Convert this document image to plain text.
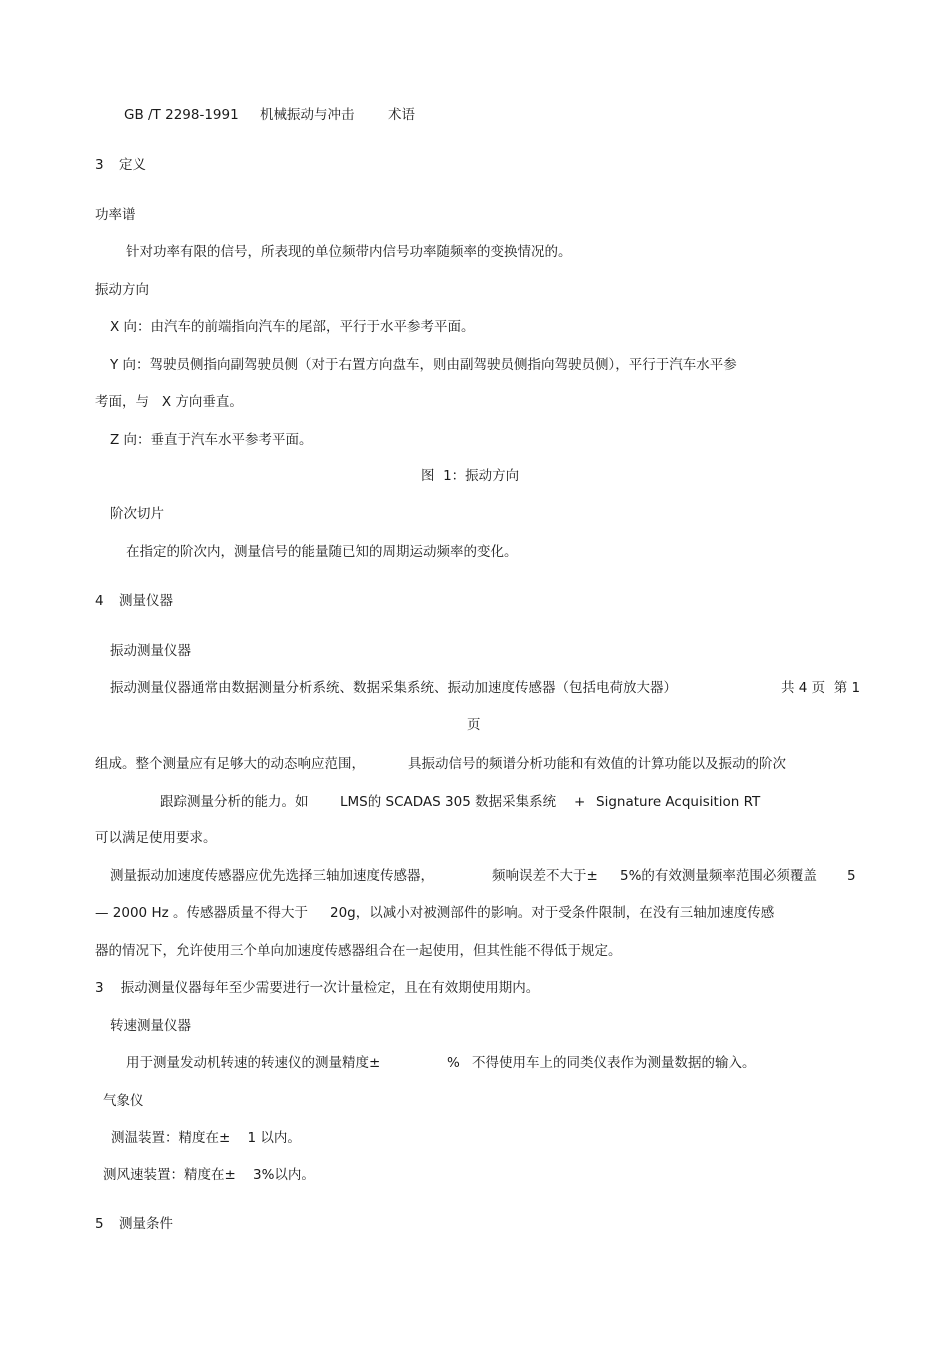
GB /T 2298-1991 机械振动与冲击 术语
3 定义
功率谱
针对功率有限的信号，所表现的单位频带内信号功率随频率的变换情况的。
振动方向
X 向：由汽车的前端指向汽车的尾部，平行于水平参考平面。
Y 向：驾驶员侧指向副驾驶员侧（对于右置方向盘车，则由副驾驶员侧指向驾驶员侧），平行于汽车水平参
考面，与   X 方向垂直。
Z 向：垂直于汽车水平参考平面。
图  1：振动方向
阶次切片
在指定的阶次内，测量信号的能量随已知的周期运动频率的变化。
4 测量仪器
振动测量仪器
振动测量仪器通常由数据测量分析系统、数据采集系统、振动加速度传感器（包括电荷放大器）	共 4 页  第 1
页
组成。整个测量应有足够大的动态响应范围，	具振动信号的频谱分析功能和有效值的计算功能以及振动的阶次
跟踪测量分析的能力。如 LMS的 SCADAS 305 数据采集系统 + Signature Acquisition RT
可以满足使用要求。
测量振动加速度传感器应优先选择三轴加速度传感器，	频响误差不大于± 5%的有效测量频率范围必须覆盖 5
— 2000 Hz 。传感器质量不得大于 20g，以减小对被测部件的影响。对于受条件限制，在没有三轴加速度传感
器的情况下，允许使用三个单向加速度传感器组合在一起使用，但其性能不得低于规定。
3    振动测量仪器每年至少需要进行一次计量检定，且在有效期使用期内。
转速测量仪器
用于测量发动机转速的转速仪的测量精度±	% 不得使用车上的同类仪表作为测量数据的输入。
气象仪
测温装置：精度在±    1 以内。
测风速装置：精度在±    3%以内。
5 测量条件
